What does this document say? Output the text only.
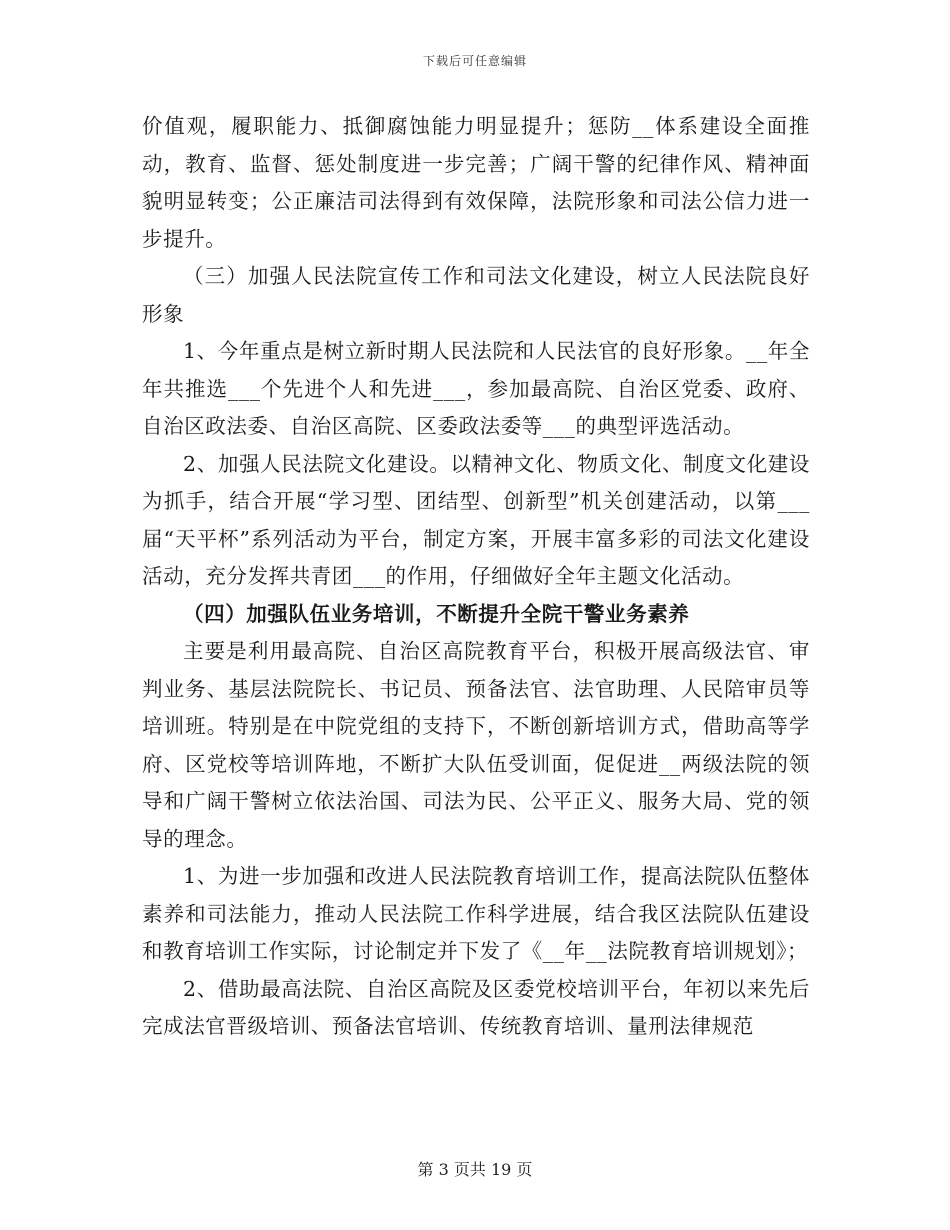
下载后可任意编辑

价值观，履职能力、抵御腐蚀能力明显提升；惩防__体系建设全面推动，教育、监督、惩处制度进一步完善；广阔干警的纪律作风、精神面貌明显转变；公正廉洁司法得到有效保障，法院形象和司法公信力进一步提升。

（三）加强人民法院宣传工作和司法文化建设，树立人民法院良好形象

1、今年重点是树立新时期人民法院和人民法官的良好形象。__年全年共推选___个先进个人和先进___，参加最高院、自治区党委、政府、自治区政法委、自治区高院、区委政法委等___的典型评选活动。

2、加强人民法院文化建设。以精神文化、物质文化、制度文化建设为抓手，结合开展“学习型、团结型、创新型”机关创建活动，以第___届“天平杯”系列活动为平台，制定方案，开展丰富多彩的司法文化建设活动，充分发挥共青团___的作用，仔细做好全年主题文化活动。

（四）加强队伍业务培训，不断提升全院干警业务素养

主要是利用最高院、自治区高院教育平台，积极开展高级法官、审判业务、基层法院院长、书记员、预备法官、法官助理、人民陪审员等培训班。特别是在中院党组的支持下，不断创新培训方式，借助高等学府、区党校等培训阵地，不断扩大队伍受训面，促促进__两级法院的领导和广阔干警树立依法治国、司法为民、公平正义、服务大局、党的领导的理念。

1、为进一步加强和改进人民法院教育培训工作，提高法院队伍整体素养和司法能力，推动人民法院工作科学进展，结合我区法院队伍建设和教育培训工作实际，讨论制定并下发了《__年__法院教育培训规划》；

2、借助最高法院、自治区高院及区委党校培训平台，年初以来先后完成法官晋级培训、预备法官培训、传统教育培训、量刑法律规范

第 3 页共 19 页
